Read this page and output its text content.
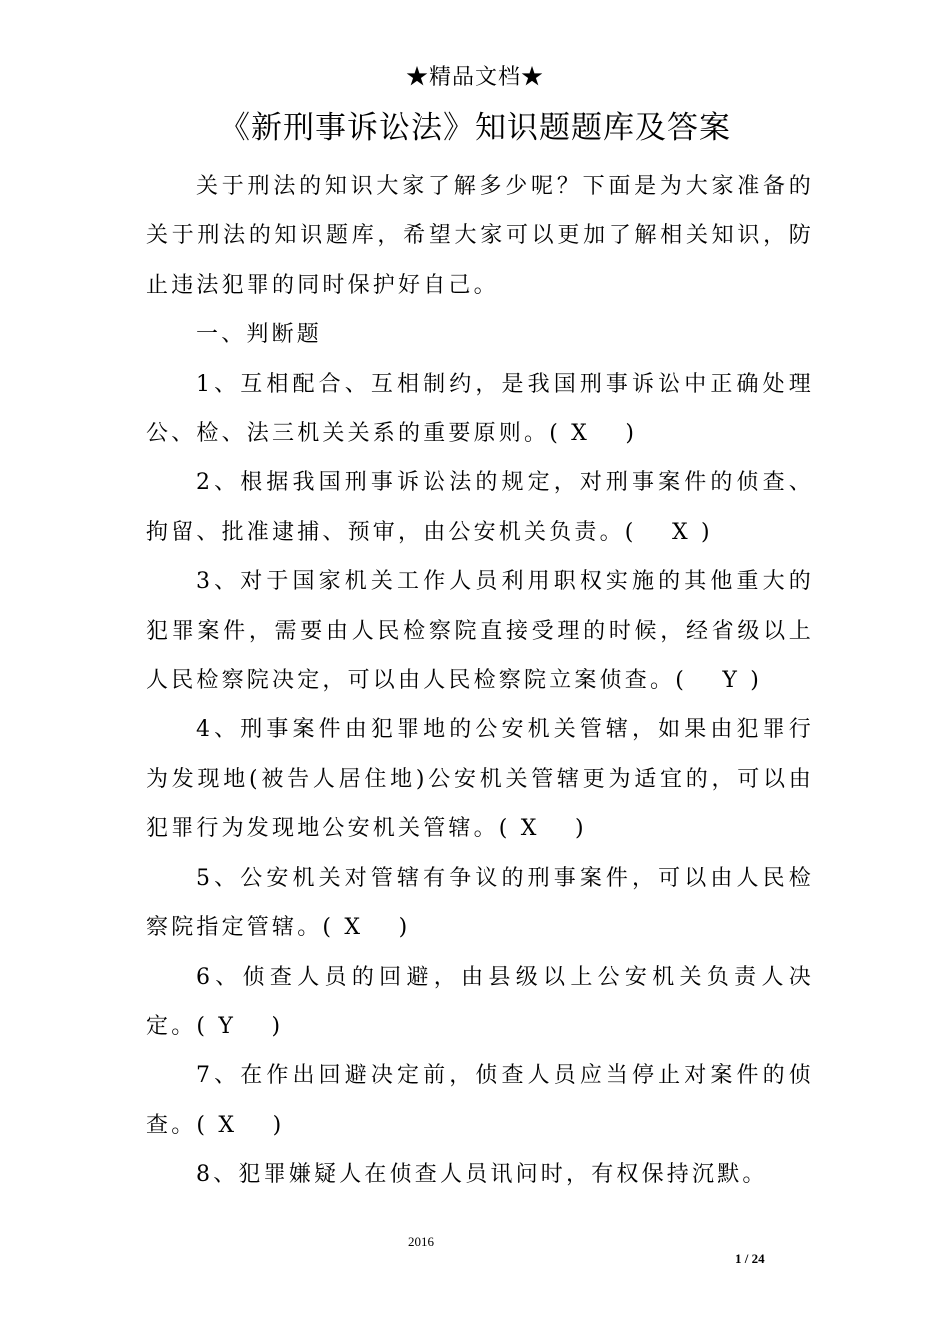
★精品文档★
《新刑事诉讼法》知识题题库及答案

关于刑法的知识大家了解多少呢？下面是为大家准备的关于刑法的知识题库，希望大家可以更加了解相关知识，防止违法犯罪的同时保护好自己。

一、判断题

1、互相配合、互相制约，是我国刑事诉讼中正确处理公、检、法三机关关系的重要原则。( X　 )

2、根据我国刑事诉讼法的规定，对刑事案件的侦查、拘留、批准逮捕、预审，由公安机关负责。(　 X )

3、对于国家机关工作人员利用职权实施的其他重大的犯罪案件，需要由人民检察院直接受理的时候，经省级以上人民检察院决定，可以由人民检察院立案侦查。(　 Y )

4、刑事案件由犯罪地的公安机关管辖，如果由犯罪行为发现地(被告人居住地)公安机关管辖更为适宜的，可以由犯罪行为发现地公安机关管辖。( X　 )

5、公安机关对管辖有争议的刑事案件，可以由人民检察院指定管辖。( X　 )

6、侦查人员的回避，由县级以上公安机关负责人决定。( Y　 )

7、在作出回避决定前，侦查人员应当停止对案件的侦查。( X　 )

8、犯罪嫌疑人在侦查人员讯问时，有权保持沉默。

2016
1 / 24
